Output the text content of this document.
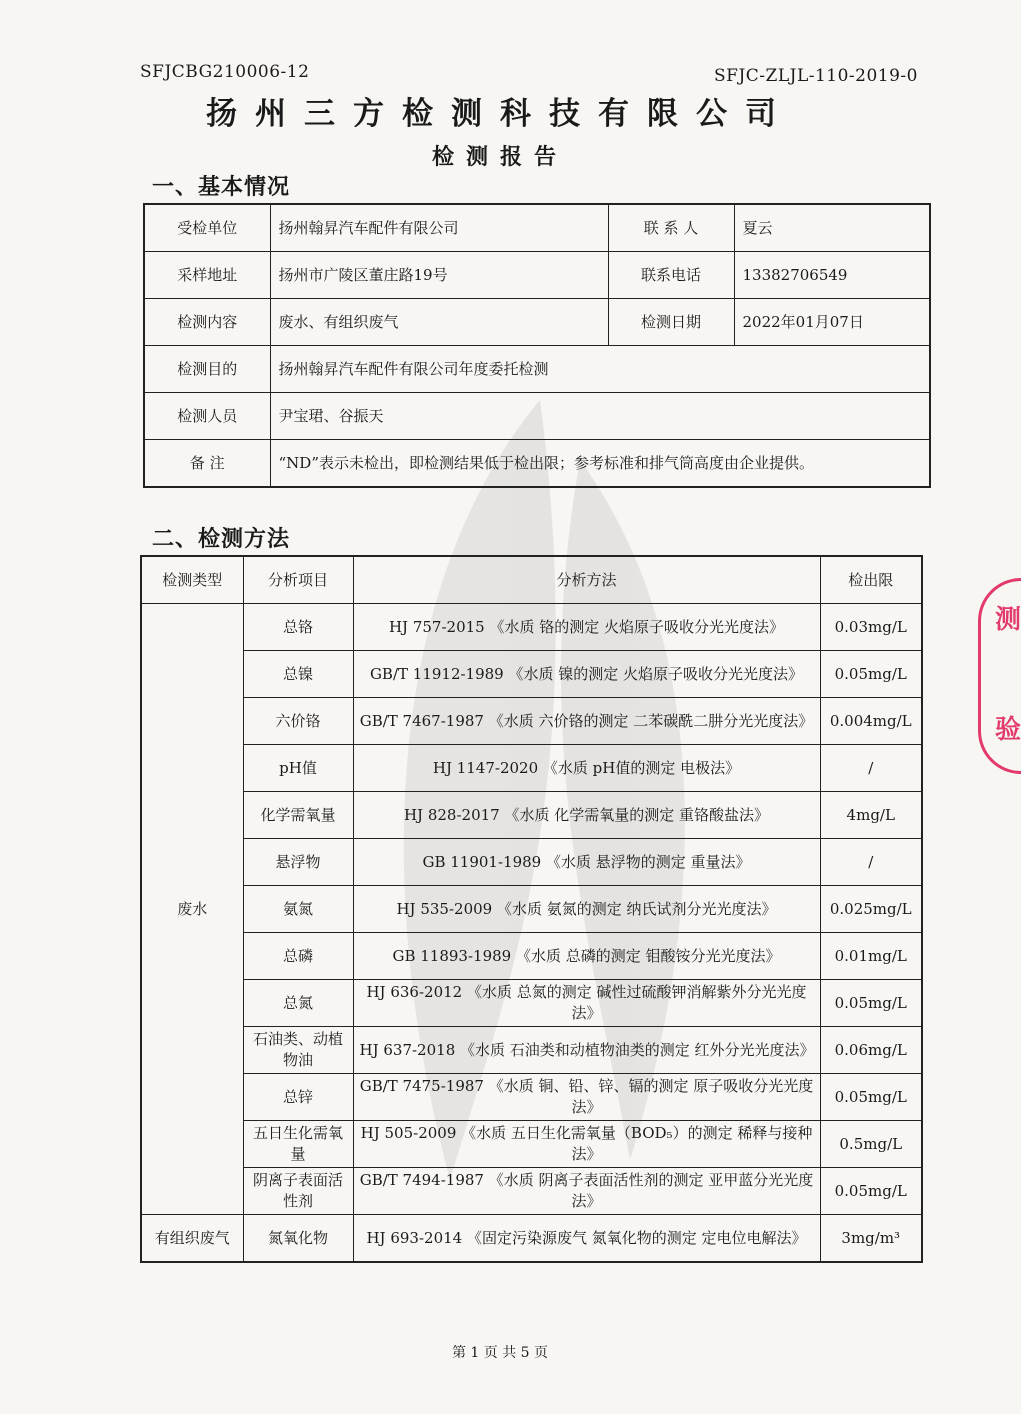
SFJCBG210006-12	SFJC-ZLJL-110-2019-0
扬州三方检测科技有限公司
检测报告
一、基本情况
受检单位	扬州翰昇汽车配件有限公司	联 系 人	夏云
采样地址	扬州市广陵区董庄路19号	联系电话	13382706549
检测内容	废水、有组织废气	检测日期	2022年01月07日
检测目的	扬州翰昇汽车配件有限公司年度委托检测		
检测人员	尹宝珺、谷振天		
备 注	“ND”表示未检出，即检测结果低于检出限；参考标准和排气筒高度由企业提供。		
二、检测方法
检测类型	分析项目	分析方法	检出限
废水	总铬	HJ 757-2015 《水质 铬的测定 火焰原子吸收分光光度法》	0.03mg/L
	总镍	GB/T 11912-1989 《水质 镍的测定 火焰原子吸收分光光度法》	0.05mg/L
	六价铬	GB/T 7467-1987 《水质 六价铬的测定 二苯碳酰二肼分光光度法》	0.004mg/L
	pH值	HJ 1147-2020 《水质 pH值的测定 电极法》	/
	化学需氧量	HJ 828-2017 《水质 化学需氧量的测定 重铬酸盐法》	4mg/L
	悬浮物	GB 11901-1989 《水质 悬浮物的测定 重量法》	/
	氨氮	HJ 535-2009 《水质 氨氮的测定 纳氏试剂分光光度法》	0.025mg/L
	总磷	GB 11893-1989 《水质 总磷的测定 钼酸铵分光光度法》	0.01mg/L
	总氮	HJ 636-2012 《水质 总氮的测定 碱性过硫酸钾消解紫外分光光度法》	0.05mg/L
	石油类、动植物油	HJ 637-2018 《水质 石油类和动植物油类的测定 红外分光光度法》	0.06mg/L
	总锌	GB/T 7475-1987 《水质 铜、铅、锌、镉的测定 原子吸收分光光度法》	0.05mg/L
	五日生化需氧量	HJ 505-2009 《水质 五日生化需氧量（BOD₅）的测定 稀释与接种法》	0.5mg/L
	阴离子表面活性剂	GB/T 7494-1987 《水质 阴离子表面活性剂的测定 亚甲蓝分光光度法》	0.05mg/L
有组织废气	氮氧化物	HJ 693-2014 《固定污染源废气 氮氧化物的测定 定电位电解法》	3mg/m³
测
验
第 1 页 共 5 页
